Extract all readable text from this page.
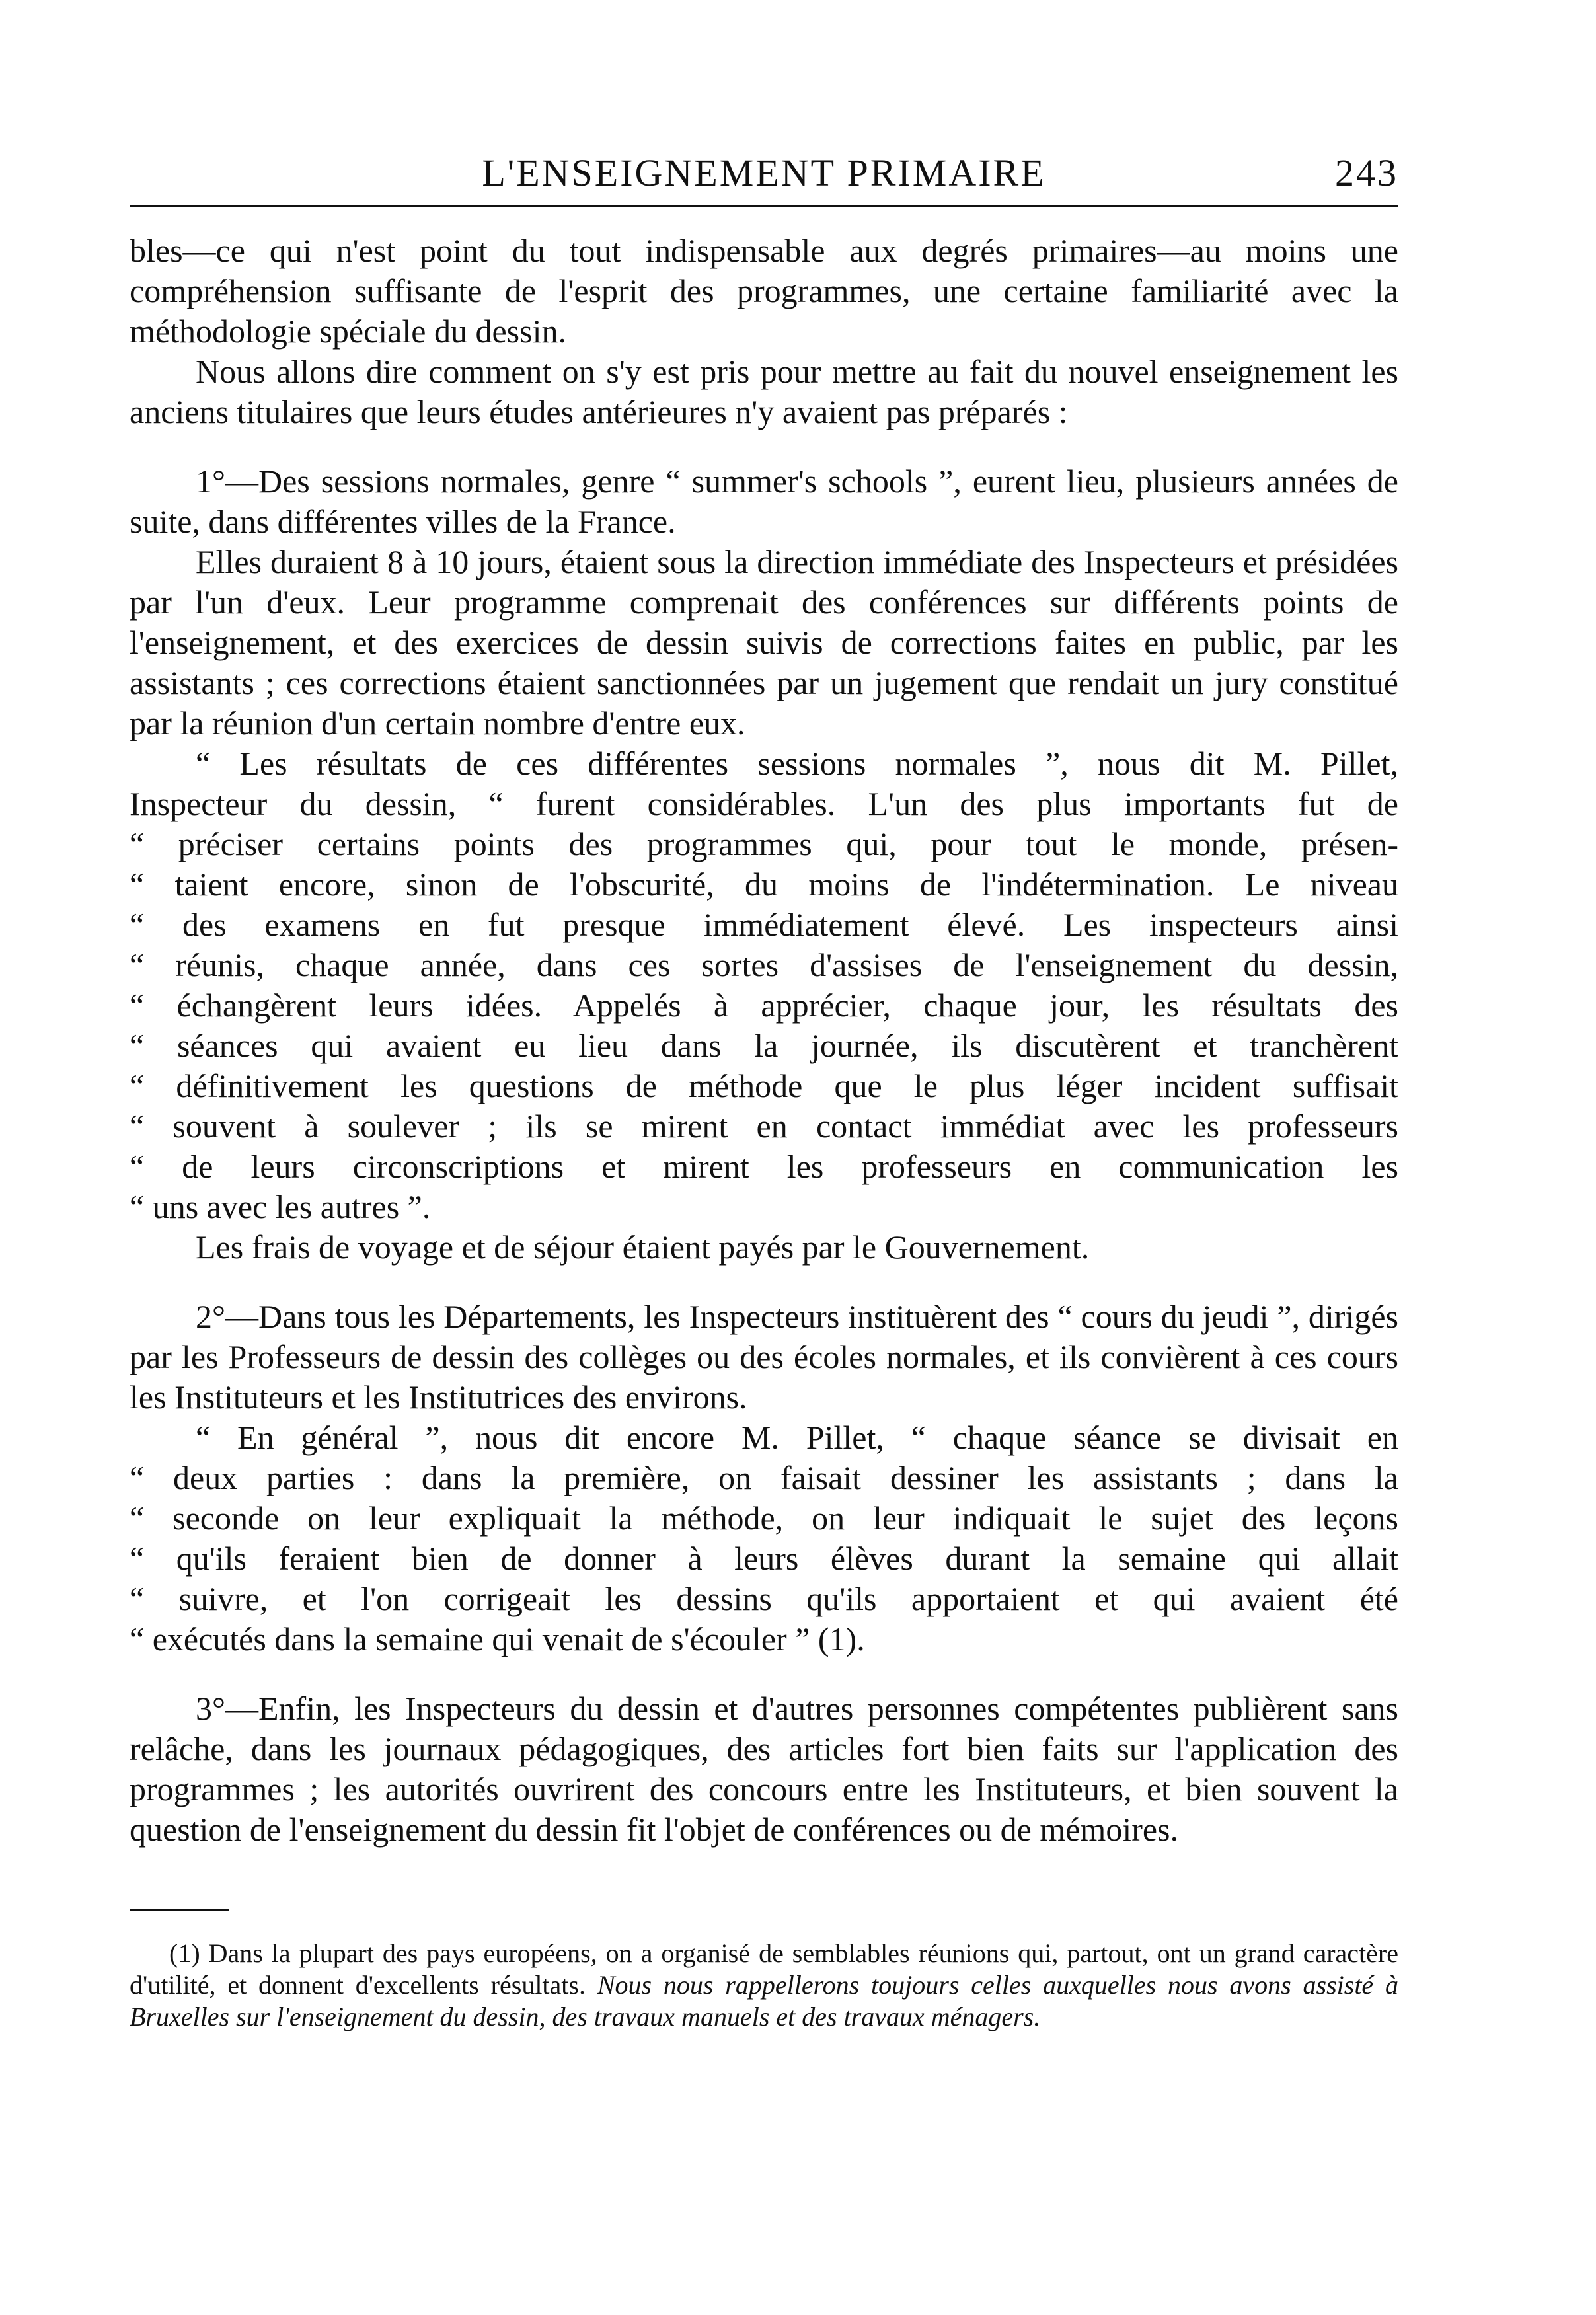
L'ENSEIGNEMENT PRIMAIRE	243

bles—ce qui n'est point du tout indispensable aux degrés primaires—au moins une compréhension suffisante de l'esprit des programmes, une certaine familiarité avec la méthodologie spéciale du dessin.

Nous allons dire comment on s'y est pris pour mettre au fait du nouvel enseignement les anciens titulaires que leurs études antérieures n'y avaient pas préparés :

1°—Des sessions normales, genre “ summer's schools ”, eurent lieu, plusieurs années de suite, dans différentes villes de la France.

Elles duraient 8 à 10 jours, étaient sous la direction immédiate des Inspecteurs et présidées par l'un d'eux. Leur programme comprenait des conférences sur différents points de l'enseignement, et des exercices de dessin suivis de corrections faites en public, par les assistants ; ces corrections étaient sanctionnées par un jugement que rendait un jury constitué par la réunion d'un certain nombre d'entre eux.

“ Les résultats de ces différentes sessions normales ”, nous dit M. Pillet,

Inspecteur du dessin, “ furent considérables. L'un des plus importants fut de

“ préciser certains points des programmes qui, pour tout le monde, présen-

“ taient encore, sinon de l'obscurité, du moins de l'indétermination. Le niveau

“ des examens en fut presque immédiatement élevé. Les inspecteurs ainsi

“ réunis, chaque année, dans ces sortes d'assises de l'enseignement du dessin,

“ échangèrent leurs idées. Appelés à apprécier, chaque jour, les résultats des

“ séances qui avaient eu lieu dans la journée, ils discutèrent et tranchèrent

“ définitivement les questions de méthode que le plus léger incident suffisait

“ souvent à soulever ; ils se mirent en contact immédiat avec les professeurs

“ de leurs circonscriptions et mirent les professeurs en communication les

“ uns avec les autres ”.

Les frais de voyage et de séjour étaient payés par le Gouvernement.

2°—Dans tous les Départements, les Inspecteurs instituèrent des “ cours du jeudi ”, dirigés par les Professeurs de dessin des collèges ou des écoles normales, et ils convièrent à ces cours les Instituteurs et les Institutrices des environs.

“ En général ”, nous dit encore M. Pillet, “ chaque séance se divisait en

“ deux parties : dans la première, on faisait dessiner les assistants ; dans la

“ seconde on leur expliquait la méthode, on leur indiquait le sujet des leçons

“ qu'ils feraient bien de donner à leurs élèves durant la semaine qui allait

“ suivre, et l'on corrigeait les dessins qu'ils apportaient et qui avaient été

“ exécutés dans la semaine qui venait de s'écouler ” (1).

3°—Enfin, les Inspecteurs du dessin et d'autres personnes compétentes publièrent sans relâche, dans les journaux pédagogiques, des articles fort bien faits sur l'application des programmes ; les autorités ouvrirent des concours entre les Instituteurs, et bien souvent la question de l'enseignement du dessin fit l'objet de conférences ou de mémoires.

(1) Dans la plupart des pays européens, on a organisé de semblables réunions qui, partout, ont un grand caractère d'utilité, et donnent d'excellents résultats. Nous nous rappellerons toujours celles auxquelles nous avons assisté à Bruxelles sur l'enseignement du dessin, des travaux manuels et des travaux ménagers.
